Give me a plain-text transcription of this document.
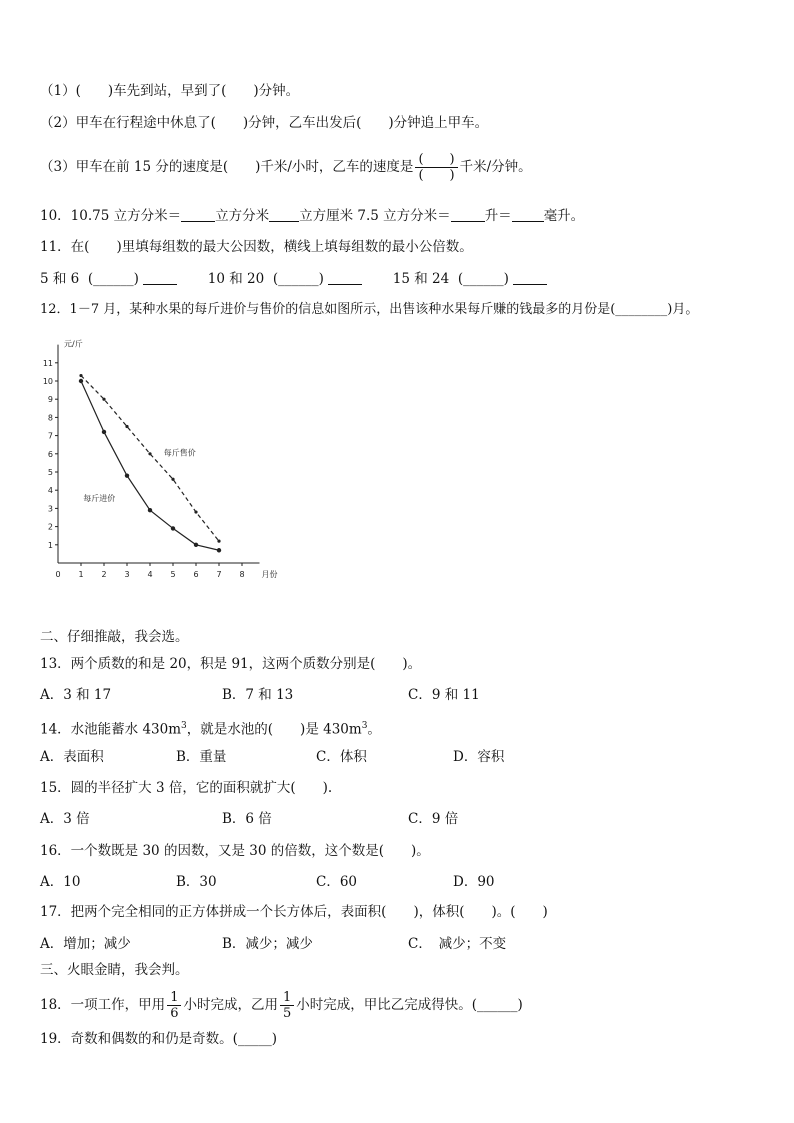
（1）(　　)车先到站，早到了(　　)分钟。
（2）甲车在行程途中休息了(　　)分钟，乙车出发后(　　)分钟追上甲车。
（3）甲车在前 15 分的速度是(　　)千米/小时，乙车的速度是 $\frac{( )}{( )}$ 千米/分钟。
10．10.75 立方分米＝	立方分米 立方厘米 7.5 立方分米＝	升＝ 毫升。
11．在(　　)里填每组数的最大公因数，横线上填每组数的最小公倍数。
5 和 6 (______)	10 和 20 (______)	15 和 24 (______)
12．1－7 月，某种水果的每斤进价与售价的信息如图所示，出售该种水果每斤赚的钱最多的月份是(________)月。
1
2
3
4
5
6
7
8
9
10
11
0 1 2 3 4 5 6 7 8
元/斤
月份
每斤售价
每斤进价
二、仔细推敲，我会选。
13．两个质数的和是 20，积是 91，这两个质数分别是(　　)。
A．3 和 17	B．7 和 13	C．9 和 11
14．水池能蓄水 $430m^3$，就是水池的(　　)是 $430m^3$。
A．表面积	B．重量	C．体积	D．容积
15．圆的半径扩大 3 倍，它的面积就扩大(　　).
A．3 倍	B．6 倍	C．9 倍
16．一个数既是 30 的因数，又是 30 的倍数，这个数是(　　)。
A．10	B．30	C．60	D．90
17．把两个完全相同的正方体拼成一个长方体后，表面积(　　)，体积(　　)。(　　)
A．增加；减少	B．减少；减少	C．　减少；不变
三、火眼金睛，我会判。
18．一项工作，甲用 $\frac{1}{6}$ 小时完成，乙用 $\frac{1}{5}$ 小时完成，甲比乙完成得快。(______)
19．奇数和偶数的和仍是奇数。(_____)
